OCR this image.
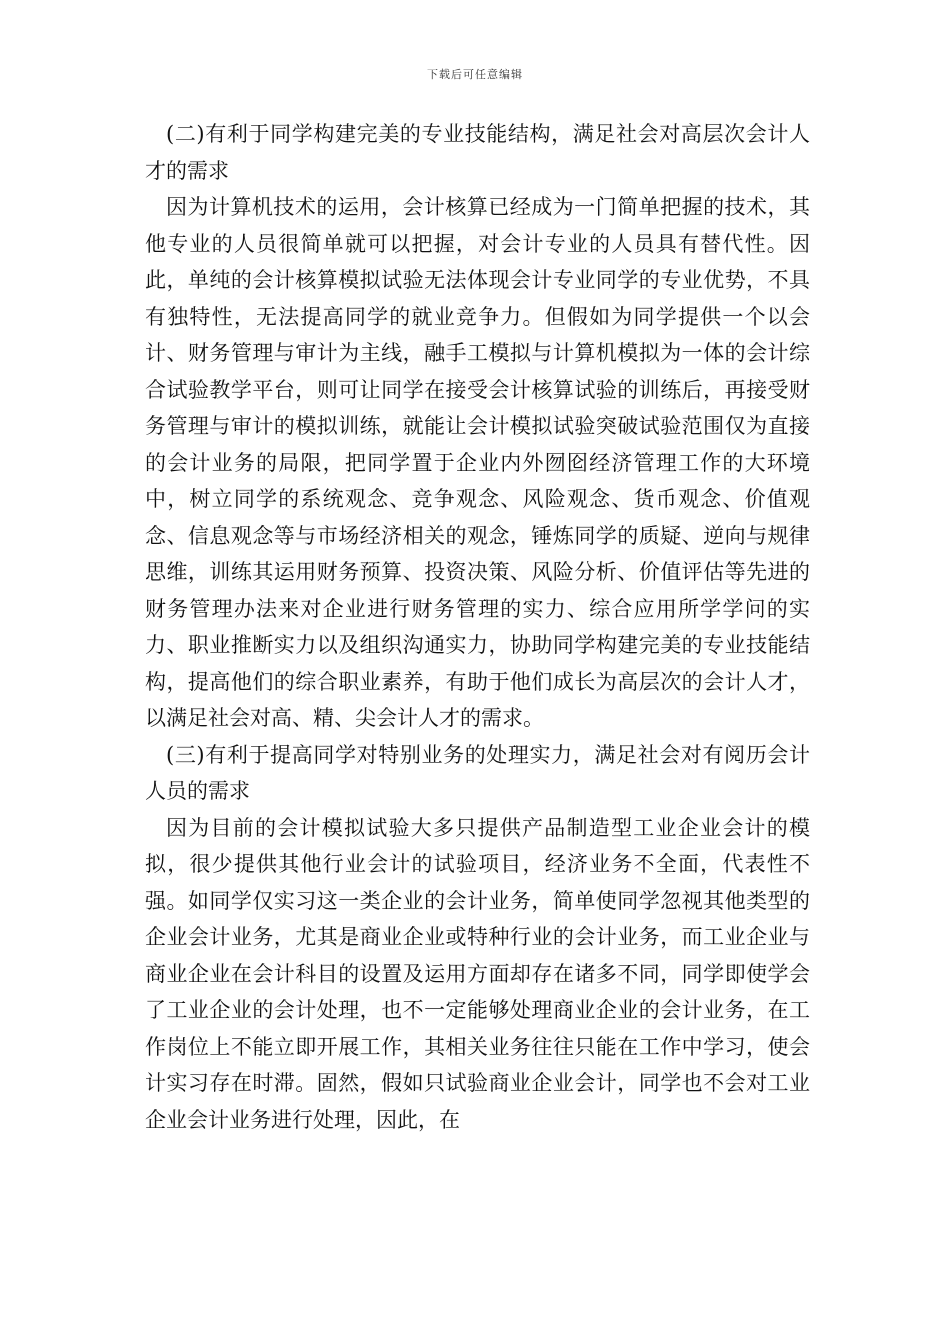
下载后可任意编辑

(二)有利于同学构建完美的专业技能结构，满足社会对高层次会计人才的需求

因为计算机技术的运用，会计核算已经成为一门简单把握的技术，其他专业的人员很简单就可以把握，对会计专业的人员具有替代性。因此，单纯的会计核算模拟试验无法体现会计专业同学的专业优势，不具有独特性，无法提高同学的就业竞争力。但假如为同学提供一个以会计、财务管理与审计为主线，融手工模拟与计算机模拟为一体的会计综合试验教学平台，则可让同学在接受会计核算试验的训练后，再接受财务管理与审计的模拟训练，就能让会计模拟试验突破试验范围仅为直接的会计业务的局限，把同学置于企业内外囫囵经济管理工作的大环境中，树立同学的系统观念、竞争观念、风险观念、货币观念、价值观念、信息观念等与市场经济相关的观念，锤炼同学的质疑、逆向与规律思维，训练其运用财务预算、投资决策、风险分析、价值评估等先进的财务管理办法来对企业进行财务管理的实力、综合应用所学学问的实力、职业推断实力以及组织沟通实力，协助同学构建完美的专业技能结构，提高他们的综合职业素养，有助于他们成长为高层次的会计人才，以满足社会对高、精、尖会计人才的需求。

(三)有利于提高同学对特别业务的处理实力，满足社会对有阅历会计人员的需求

因为目前的会计模拟试验大多只提供产品制造型工业企业会计的模拟，很少提供其他行业会计的试验项目，经济业务不全面，代表性不强。如同学仅实习这一类企业的会计业务，简单使同学忽视其他类型的企业会计业务，尤其是商业企业或特种行业的会计业务，而工业企业与商业企业在会计科目的设置及运用方面却存在诸多不同，同学即使学会了工业企业的会计处理，也不一定能够处理商业企业的会计业务，在工作岗位上不能立即开展工作，其相关业务往往只能在工作中学习，使会计实习存在时滞。固然，假如只试验商业企业会计，同学也不会对工业企业会计业务进行处理，因此，在
